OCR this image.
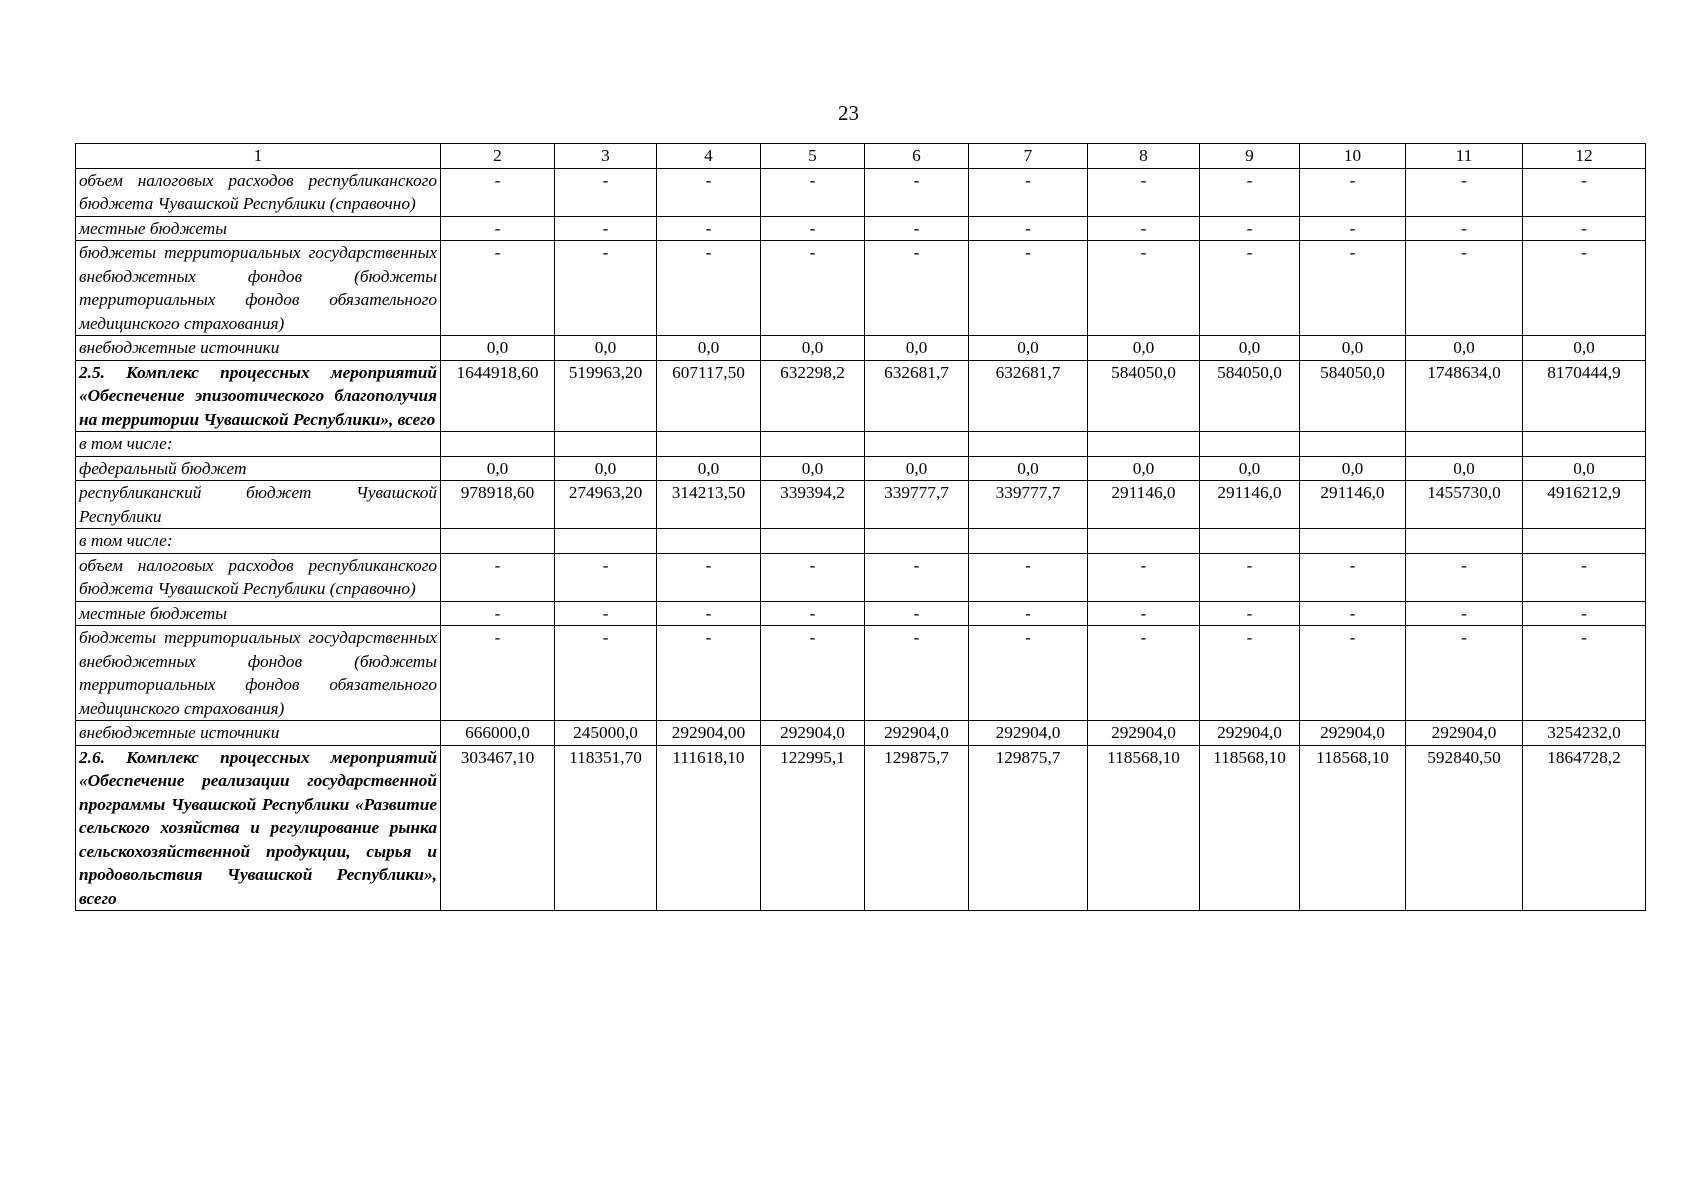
23
1	2	3	4	5	6	7	8	9	10	11	12
объем налоговых расходов республиканского бюджета Чувашской Республики (справочно)	-	-	-	-	-	-	-	-	-	-	-
местные бюджеты	-	-	-	-	-	-	-	-	-	-	-
бюджеты территориальных государственных внебюджетных фондов (бюджеты территориальных фондов обязательного медицинского страхования)	-	-	-	-	-	-	-	-	-	-	-
внебюджетные источники	0,0	0,0	0,0	0,0	0,0	0,0	0,0	0,0	0,0	0,0	0,0
2.5. Комплекс процессных мероприятий «Обеспечение эпизоотического благополучия на территории Чувашской Республики», всего	1644918,60	519963,20	607117,50	632298,2	632681,7	632681,7	584050,0	584050,0	584050,0	1748634,0	8170444,9
в том числе:											
федеральный бюджет	0,0	0,0	0,0	0,0	0,0	0,0	0,0	0,0	0,0	0,0	0,0
республиканский бюджет Чувашской Республики	978918,60	274963,20	314213,50	339394,2	339777,7	339777,7	291146,0	291146,0	291146,0	1455730,0	4916212,9
в том числе:											
объем налоговых расходов республиканского бюджета Чувашской Республики (справочно)	-	-	-	-	-	-	-	-	-	-	-
местные бюджеты	-	-	-	-	-	-	-	-	-	-	-
бюджеты территориальных государственных внебюджетных фондов (бюджеты территориальных фондов обязательного медицинского страхования)	-	-	-	-	-	-	-	-	-	-	-
внебюджетные источники	666000,0	245000,0	292904,00	292904,0	292904,0	292904,0	292904,0	292904,0	292904,0	292904,0	3254232,0
2.6. Комплекс процессных мероприятий «Обеспечение реализации государственной программы Чувашской Республики «Развитие сельского хозяйства и регулирование рынка сельскохозяйственной продукции, сырья и продовольствия Чувашской Республики», всего	303467,10	118351,70	111618,10	122995,1	129875,7	129875,7	118568,10	118568,10	118568,10	592840,50	1864728,2
